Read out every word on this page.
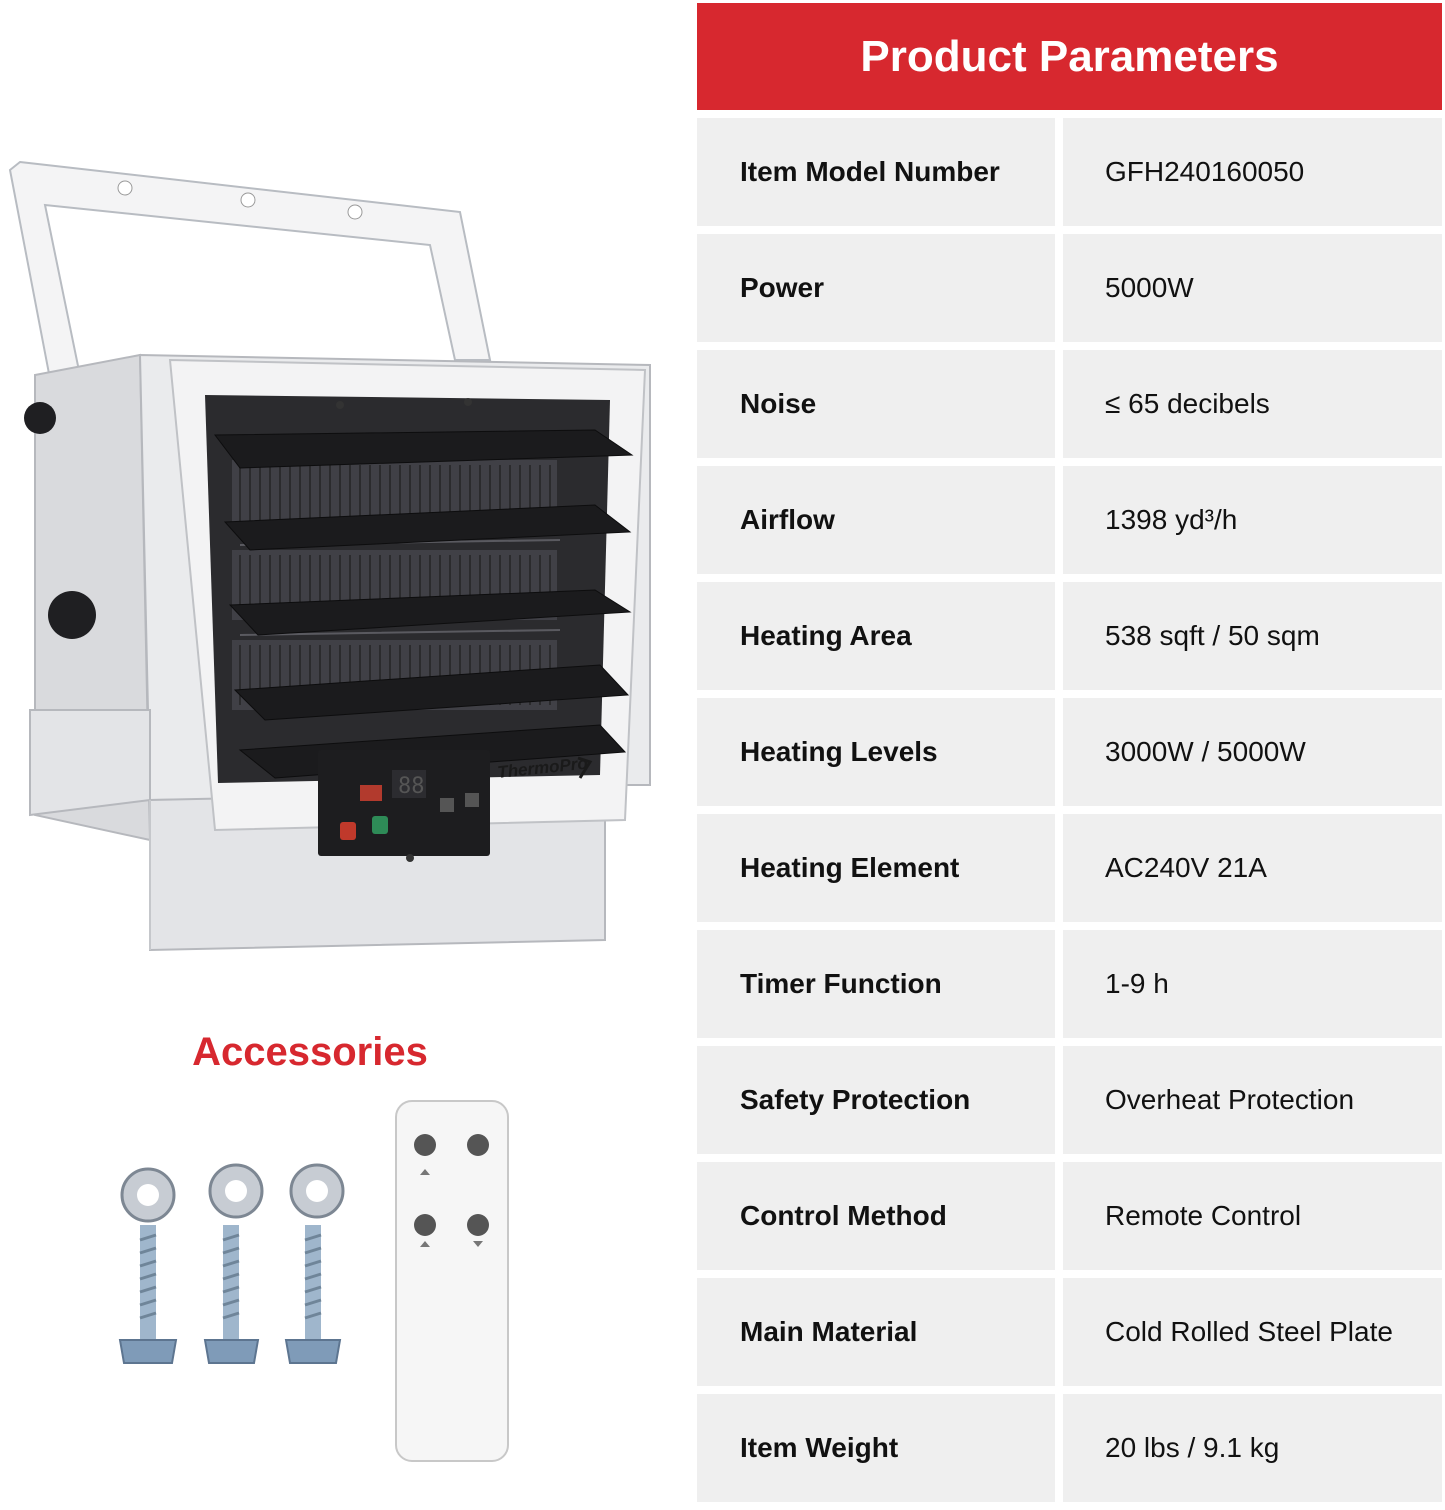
88
ThermoPro
Accessories
Product Parameters
Item Model Number	GFH240160050
Power	5000W
Noise	≤ 65 decibels
Airflow	1398 yd³/h
Heating Area	538 sqft / 50 sqm
Heating Levels	3000W / 5000W
Heating Element	AC240V 21A
Timer Function	1-9 h
Safety Protection	Overheat Protection
Control Method	Remote Control
Main Material	Cold Rolled Steel Plate
Item Weight	20 lbs / 9.1 kg
